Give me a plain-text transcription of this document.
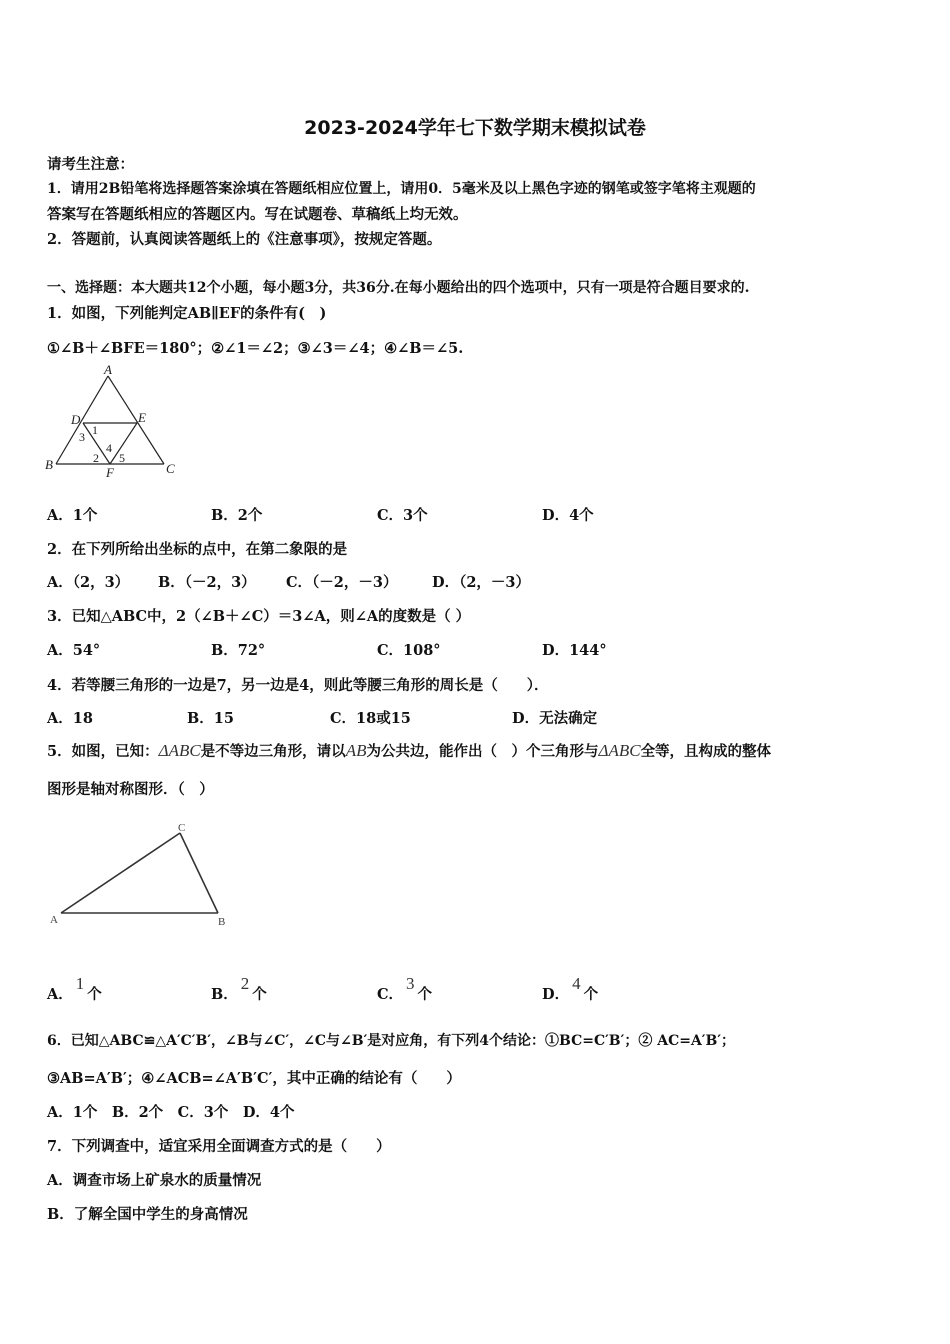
2023-2024学年七下数学期末模拟试卷
请考生注意：
1．请用2B铅笔将选择题答案涂填在答题纸相应位置上，请用0．5毫米及以上黑色字迹的钢笔或签字笔将主观题的
答案写在答题纸相应的答题区内。写在试题卷、草稿纸上均无效。
2．答题前，认真阅读答题纸上的《注意事项》，按规定答题。
一、选择题：本大题共12个小题，每小题3分，共36分.在每小题给出的四个选项中，只有一项是符合题目要求的.
1．如图，下列能判定AB∥EF的条件有(　)
①∠B＋∠BFE＝180°；②∠1＝∠2；③∠3＝∠4；④∠B＝∠5.
A
D	E
B	C
F
1
3
4
2 5
A．1个	B．2个	C．3个	D．4个
2．在下列所给出坐标的点中，在第二象限的是
A．（2，3） B．（－2，3） C．（－2，－3） D．（2，－3）
3．已知△ABC中，2（∠B＋∠C）＝3∠A，则∠A的度数是（ ）
A．54°	B．72°	C．108°	D．144°
4．若等腰三角形的一边是7，另一边是4，则此等腰三角形的周长是（　　）．
A．18	B．15	C．18或15	D．无法确定
5．如图，已知：ΔABC是不等边三角形，请以AB为公共边，能作出（　）个三角形与ΔABC全等，且构成的整体
图形是轴对称图形．（　）
C
A	B
A．1个	B．2个	C．3个	D．4个
6．已知△ABC≌△A′C′B′，∠B与∠C′，∠C与∠B′是对应角，有下列4个结论：①BC=C′B′；② AC=A′B′；
③AB=A′B′；④∠ACB=∠A′B′C′，其中正确的结论有（　　）
A．1个　B．2个　C．3个　D．4个
7．下列调查中，适宜采用全面调查方式的是（　　）
A．调查市场上矿泉水的质量情况
B．了解全国中学生的身高情况
